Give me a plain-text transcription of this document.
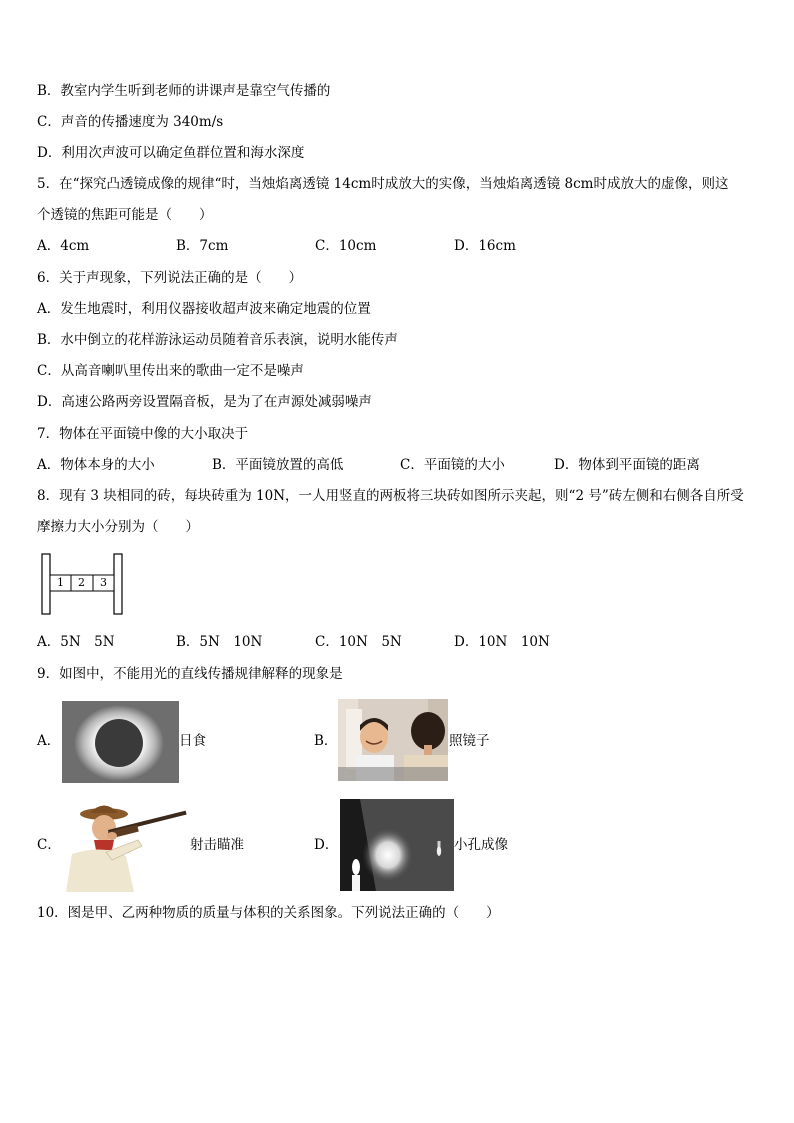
B．教室内学生听到老师的讲课声是靠空气传播的
C．声音的传播速度为 340m/s
D．利用次声波可以确定鱼群位置和海水深度
5．在“探究凸透镜成像的规律“时，当烛焰离透镜 14cm时成放大的实像，当烛焰离透镜 8cm时成放大的虚像，则这
个透镜的焦距可能是（　　）
A．4cm	B．7cm	C．10cm	D．16cm
6．关于声现象，下列说法正确的是（　　）
A．发生地震时，利用仪器接收超声波来确定地震的位置
B．水中倒立的花样游泳运动员随着音乐表演，说明水能传声
C．从高音喇叭里传出来的歌曲一定不是噪声
D．高速公路两旁设置隔音板，是为了在声源处减弱噪声
7．物体在平面镜中像的大小取决于
A．物体本身的大小	B．平面镜放置的高低	C．平面镜的大小	D．物体到平面镜的距离
8．现有 3 块相同的砖，每块砖重为 10N，一人用竖直的两板将三块砖如图所示夹起，则“2 号”砖左侧和右侧各自所受
摩擦力大小分别为（　　）
1 2 3
A．5N　5N	B．5N　10N	C．10N　5N	D．10N　10N
9．如图中，不能用光的直线传播规律解释的现象是
A．	日食	B．	照镜子
C．	射击瞄准	D．	小孔成像
10．图是甲、乙两种物质的质量与体积的关系图象。下列说法正确的（　　）
